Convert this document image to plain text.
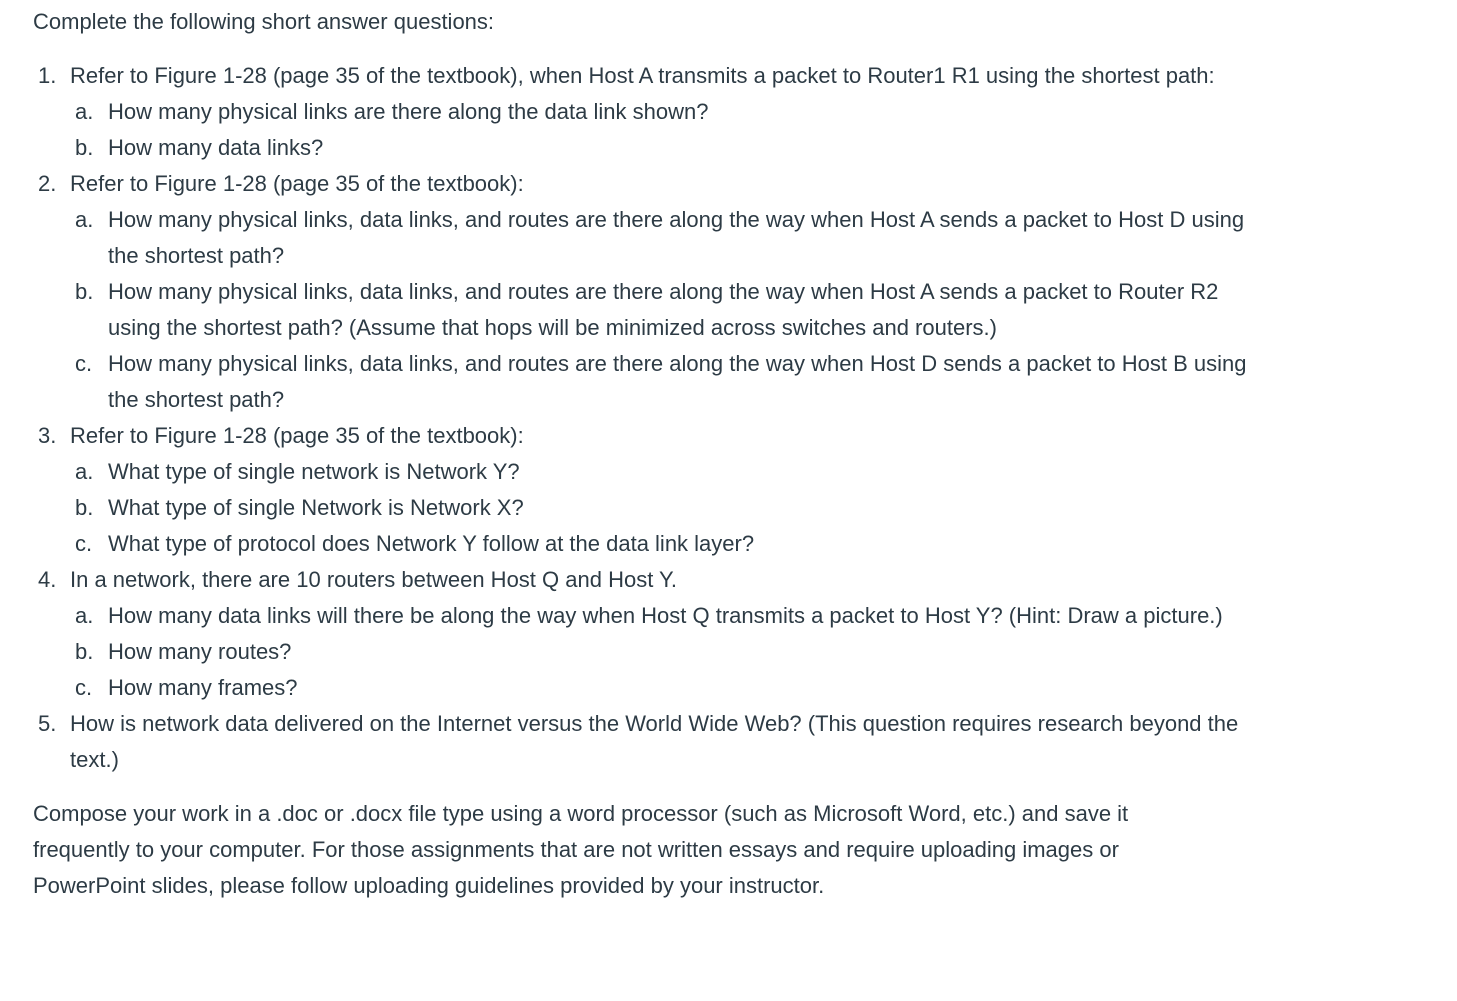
Complete the following short answer questions:

1. Refer to Figure 1-28 (page 35 of the textbook), when Host A transmits a packet to Router1 R1 using the shortest path:
a. How many physical links are there along the data link shown?
b. How many data links?
2. Refer to Figure 1-28 (page 35 of the textbook):
a. How many physical links, data links, and routes are there along the way when Host A sends a packet to Host D using the shortest path?
b. How many physical links, data links, and routes are there along the way when Host A sends a packet to Router R2 using the shortest path? (Assume that hops will be minimized across switches and routers.)
c. How many physical links, data links, and routes are there along the way when Host D sends a packet to Host B using the shortest path?
3. Refer to Figure 1-28 (page 35 of the textbook):
a. What type of single network is Network Y?
b. What type of single Network is Network X?
c. What type of protocol does Network Y follow at the data link layer?
4. In a network, there are 10 routers between Host Q and Host Y.
a. How many data links will there be along the way when Host Q transmits a packet to Host Y? (Hint: Draw a picture.)
b. How many routes?
c. How many frames?
5. How is network data delivered on the Internet versus the World Wide Web? (This question requires research beyond the text.)

Compose your work in a .doc or .docx file type using a word processor (such as Microsoft Word, etc.) and save it frequently to your computer. For those assignments that are not written essays and require uploading images or PowerPoint slides, please follow uploading guidelines provided by your instructor.
